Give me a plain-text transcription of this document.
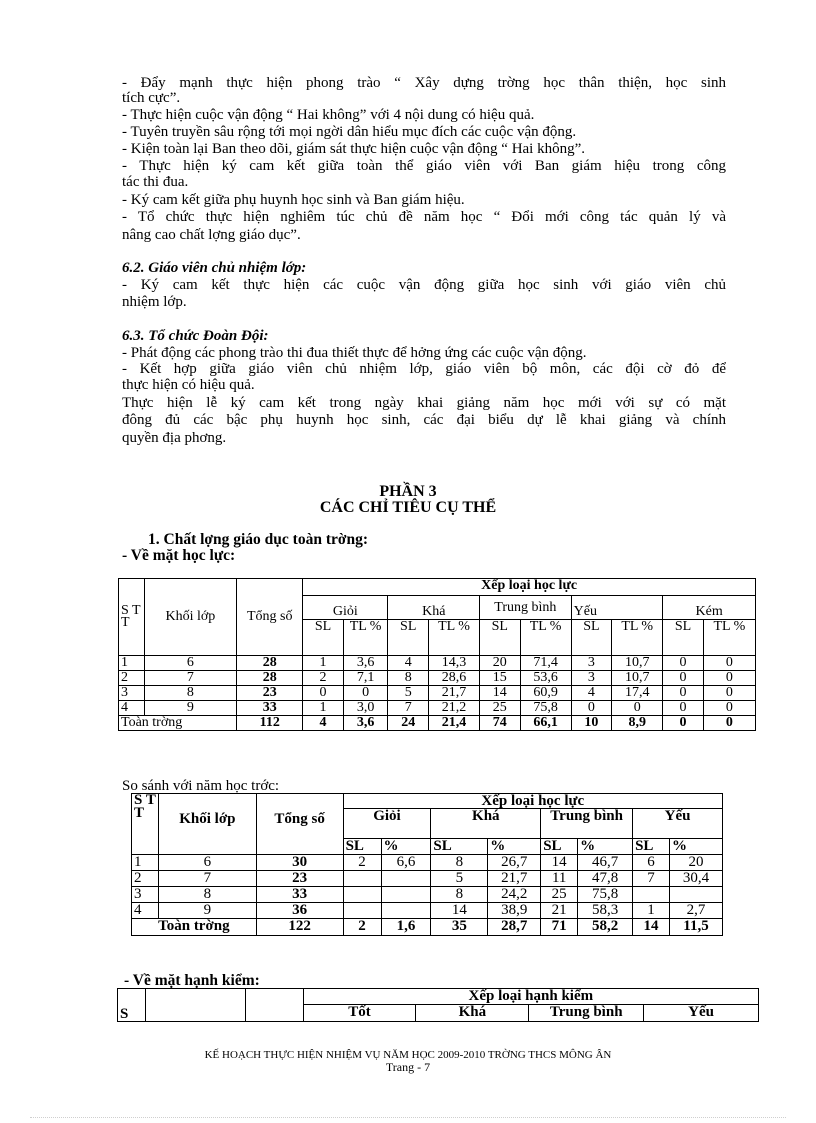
- Đẩy mạnh thực hiện phong trào “ Xây dựng trờng học thân thiện, học sinh
tích cực”.
- Thực hiện cuộc vận động “ Hai không” với 4 nội dung có hiệu quả.
- Tuyên truyền sâu rộng tới mọi ngời dân hiểu mục đích các cuộc vận động.
- Kiện toàn lại Ban theo dõi, giám sát thực hiện cuộc vận động “ Hai không”.
- Thực hiện ký cam kết giữa toàn thể giáo viên với Ban giám hiệu trong công
tác thi đua.
- Ký cam kết giữa phụ huynh học sinh và Ban giám hiệu.
- Tổ chức thực hiện nghiêm túc chủ đề năm học “ Đổi mới công tác quản lý và
nâng cao chất lợng giáo dục”.
6.2. Giáo viên chủ nhiệm lớp:
- Ký cam kết thực hiện các cuộc vận động giữa học sinh với giáo viên chủ
nhiệm lớp.
6.3. Tổ chức Đoàn Đội:
- Phát động các phong trào thi đua thiết thực để hởng ứng các cuộc vận động.
- Kết hợp giữa giáo viên chủ nhiệm lớp, giáo viên bộ môn, các đội cờ đỏ để
thực hiện có hiệu quả.
Thực hiện lễ ký cam kết trong ngày khai giảng năm học mới với sự có mặt
đông đủ các bậc phụ huynh học sinh, các đại biểu dự lễ khai giảng và chính
quyền địa phơng.
PHẦN 3
CÁC CHỈ TIÊU CỤ THỂ
1. Chất lợng giáo dục toàn trờng:
- Về mặt học lực:
S T T	Khối lớp	Tổng số	Xếp loại học lực									
			Giỏi		Khá		Trung bình		Yếu		Kém	
			SL	TL %	SL	TL %	SL	TL %	SL	TL %	SL	TL %
1	6	28	1	3,6	4	14,3	20	71,4	3	10,7	0	0
2	7	28	2	7,1	8	28,6	15	53,6	3	10,7	0	0
3	8	23	0	0	5	21,7	14	60,9	4	17,4	0	0
4	9	33	1	3,0	7	21,2	25	75,8	0	0	0	0
Toàn trờng		112	4	3,6	24	21,4	74	66,1	10	8,9	0	0
So sánh với năm học trớc:
S T T	Khối lớp	Tổng số	Xếp loại học lực							
			Giỏi		Khá		Trung bình		Yếu	
			SL	%	SL	%	SL	%	SL	%
1	6	30	2	6,6	8	26,7	14	46,7	6	20
2	7	23			5	21,7	11	47,8	7	30,4
3	8	33			8	24,2	25	75,8		
4	9	36			14	38,9	21	58,3	1	2,7
Toàn trờng		122	2	1,6	35	28,7	71	58,2	14	11,5
- Về mặt hạnh kiểm:
S			Xếp loại hạnh kiểm			
			Tốt	Khá	Trung bình	Yếu
KẾ HOẠCH THỰC HIỆN NHIỆM VỤ NĂM HỌC 2009-2010 TRỜNG THCS MÔNG ÂN
Trang - 7
